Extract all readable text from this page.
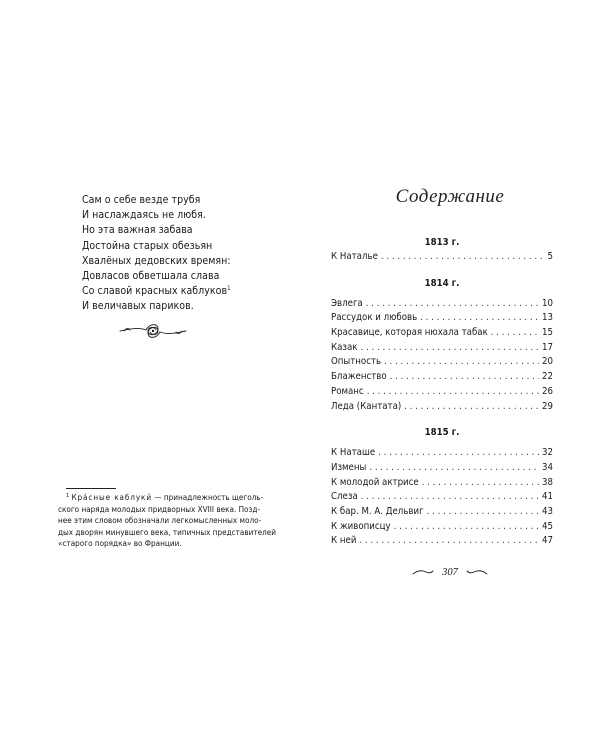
Сам о себе везде трубя
И наслаждаясь не любя.
Но эта важная забава
Достойна старых обезьян
Хвалёных дедовских времян:
Довласов обветшала слава
Со славой красных каблуков$^1$
И величавых париков.
$^1$ Кра́сные каблуки́ — принадлежность щеголь-
ского наряда молодых придворных XVIII века. Позд-
нее этим словом обозначали легкомысленных моло-
дых дворян минувшего века, типичных представителей
«старого порядка» во Франции.
Содержание
1813 г.
К Наталье . . .	5
1814 г.
Эвлега . . .	10
Рассудок и любовь . . .	13
Красавице, которая нюхала табак . . .	15
Казак . . .	17
Опытность . . .	20
Блаженство . . .	22
Романс . . .	26
Леда (Кантата) . . .	29
1815 г.
К Наташе . . .	32
Измены . . .	34
К молодой актрисе . . .	38
Слеза . . .	41
К бар. М. А. Дельвиг . . .	43
К живописцу . . .	45
К ней . . .	47
307
